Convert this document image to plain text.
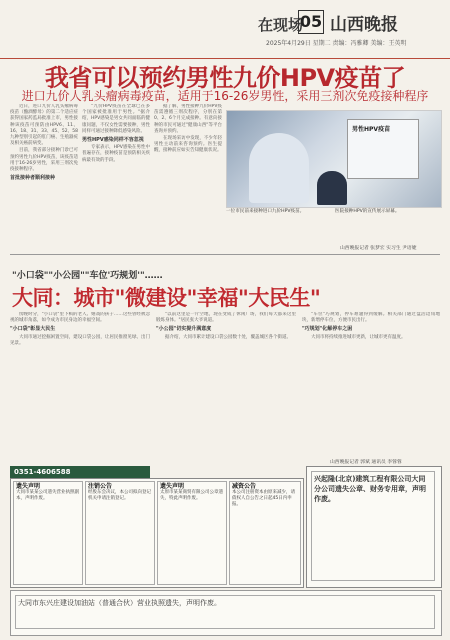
在现场
05 山西晚报
2025年4月29日 星期二 责编：冯雅卿 美编：王英明
我省可以预约男性九价HPV疫苗了
进口九价人乳头瘤病毒疫苗，适用于16-26岁男性，采用三剂次免疫接种程序

近日，进口九价人乳头瘤病毒疫苗（酿酒酵母）的第二个适应症获得国家药监局批准上市，男性接种该疫苗可预防由HPV6、11、16、18、31、33、45、52、58九种型别引起的肛门癌、生殖器疣及相关癌前病变。

目前，我省部分接种门诊已可预约男性九价HPV疫苗，该疫苗适用于16-26岁男性，采用三剂次免疫接种程序。

首批接种者顺利接种

"九价HPV疫苗在全球已在多个国家被批准用于男性。"据介绍，HPV感染是男女共同面临的健康问题，不仅女性需要接种，男性同样可通过接种降低感染风险。

男性HPV感染同样不容忽视

专家表示，HPV感染在男性中普遍存在，接种疫苗是预防相关疾病最有效的手段。

据了解，男性接种九价HPV疫苗需遵循三剂次程序，分别在第0、2、6个月完成接种。有意向接种的市民可通过"健康山西"等平台查询并预约。

在现场采访中发现，不少年轻男性主动前来咨询预约。医生提醒，接种前应如实告知健康状况。

男性HPV疫苗
一位市民前来接种进口九价HPV疫苗。	医院接种HPV的宣传展示屏幕。
山西晚报记者 张梦宏 实习生 尹语婕
"小口袋""小公园""车位'巧规划'"……
大同：城市"微建设"幸福"大民生"

傍晚时分，"小口袋"里下棋的老人、嬉戏的孩子……这些曾经被忽视的城市角落，如今成为市民身边的幸福空间。

"小口袋"彰显大民生

大同市通过挖掘闲置空间，建设口袋公园，让居民推窗见绿、出门见景。

"以前这里是一片空地，现在变成了休闲广场，我们每天都来这里锻炼身体。"居民张大爷说道。

"小公园"切实提升满意度

据介绍，大同市累计建设口袋公园数十处，覆盖城区各个街道。

"车位"巧规划，停车难题得到缓解。相关部门通过盘活边角地块，新增停车位，方便市民出行。

"巧规划"化解停车之困

大同市将持续推进城市更新，让城市更有温度。

山西晚报记者 郭斌 通讯员 李蓉蓉
0351-4606588
遗失声明
大同市某某公司遗失营业执照副本，声明作废。
注销公告
经股东会决议，本公司拟向登记机关申请注销登记。
遗失声明
太原市某某商贸有限公司公章遗失，特此声明作废。
减资公告
本公司注册资本由原来减少，请债权人自公告之日起45日内申报。
兴起隆(北京)建筑工程有限公司大同分公司遗失公章、财务专用章，声明作废。
大同市东兴庄建设加油站（普通合伙）营业执照遗失，声明作废。
